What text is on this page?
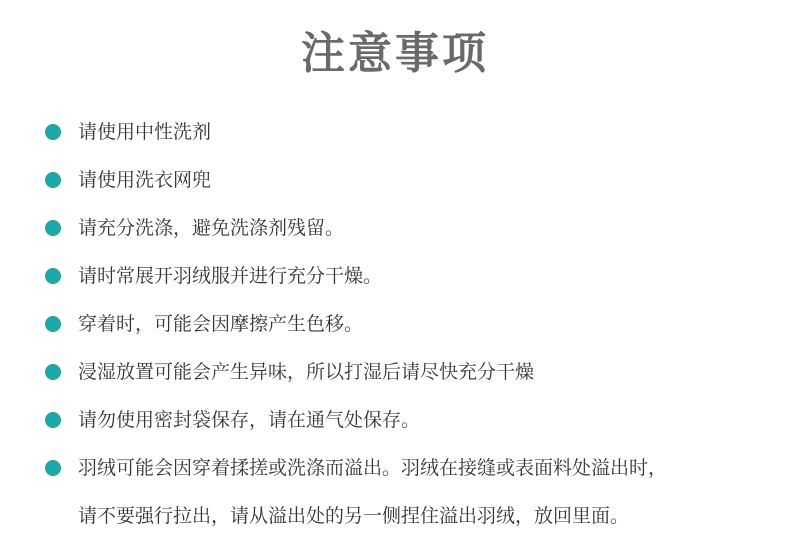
注意事项
请使用中性洗剂
请使用洗衣网兜
请充分洗涤，避免洗涤剂残留。
请时常展开羽绒服并进行充分干燥。
穿着时，可能会因摩擦产生色移。
浸湿放置可能会产生异味，所以打湿后请尽快充分干燥
请勿使用密封袋保存，请在通气处保存。
羽绒可能会因穿着揉搓或洗涤而溢出。羽绒在接缝或表面料处溢出时，
请不要强行拉出，请从溢出处的另一侧捏住溢出羽绒，放回里面。
